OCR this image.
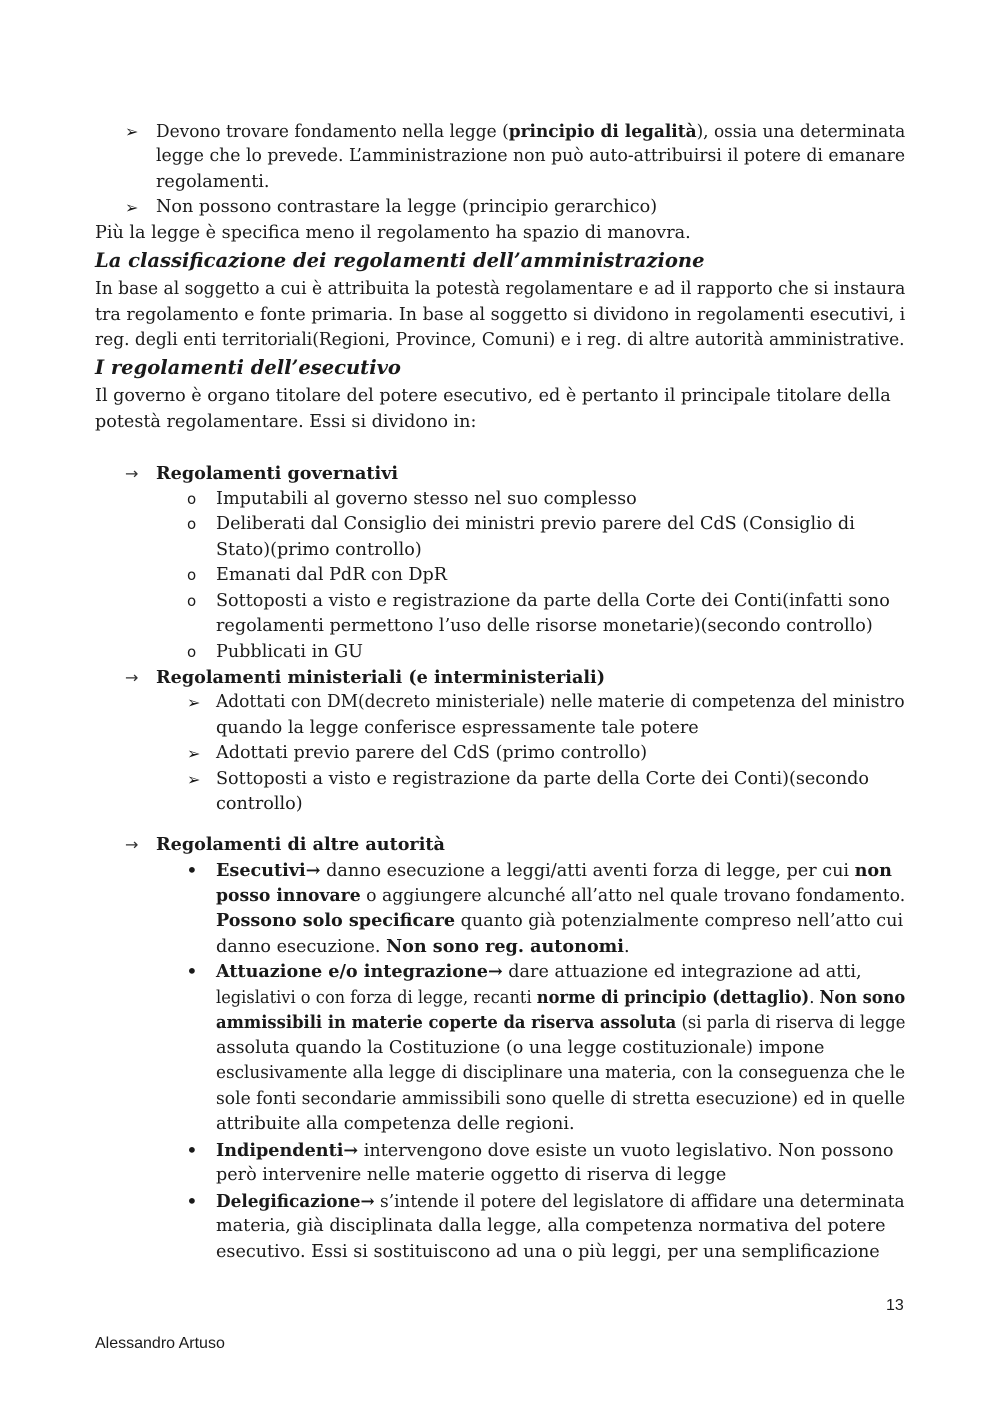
➢ Devono trovare fondamento nella legge (principio di legalità), ossia una determinata
legge che lo prevede. L’amministrazione non può auto-attribuirsi il potere di emanare
regolamenti.
➢ Non possono contrastare la legge (principio gerarchico)
Più la legge è specifica meno il regolamento ha spazio di manovra.
La classificazione dei regolamenti dell’amministrazione
In base al soggetto a cui è attribuita la potestà regolamentare e ad il rapporto che si instaura
tra regolamento e fonte primaria. In base al soggetto si dividono in regolamenti esecutivi, i
reg. degli enti territoriali(Regioni, Province, Comuni) e i reg. di altre autorità amministrative.
I regolamenti dell’esecutivo
Il governo è organo titolare del potere esecutivo, ed è pertanto il principale titolare della
potestà regolamentare. Essi si dividono in:
→ Regolamenti governativi
o Imputabili al governo stesso nel suo complesso
o Deliberati dal Consiglio dei ministri previo parere del CdS (Consiglio di
Stato)(primo controllo)
o Emanati dal PdR con DpR
o Sottoposti a visto e registrazione da parte della Corte dei Conti(infatti sono
regolamenti permettono l’uso delle risorse monetarie)(secondo controllo)
o Pubblicati in GU
→ Regolamenti ministeriali (e interministeriali)
➢ Adottati con DM(decreto ministeriale) nelle materie di competenza del ministro
quando la legge conferisce espressamente tale potere
➢ Adottati previo parere del CdS (primo controllo)
➢ Sottoposti a visto e registrazione da parte della Corte dei Conti)(secondo
controllo)
→ Regolamenti di altre autorità
• Esecutivi→ danno esecuzione a leggi/atti aventi forza di legge, per cui non
posso innovare o aggiungere alcunché all’atto nel quale trovano fondamento.
Possono solo specificare quanto già potenzialmente compreso nell’atto cui
danno esecuzione. Non sono reg. autonomi.
• Attuazione e/o integrazione→ dare attuazione ed integrazione ad atti,
legislativi o con forza di legge, recanti norme di principio (dettaglio). Non sono
ammissibili in materie coperte da riserva assoluta (si parla di riserva di legge
assoluta quando la Costituzione (o una legge costituzionale) impone
esclusivamente alla legge di disciplinare una materia, con la conseguenza che le
sole fonti secondarie ammissibili sono quelle di stretta esecuzione) ed in quelle
attribuite alla competenza delle regioni.
• Indipendenti→ intervengono dove esiste un vuoto legislativo. Non possono
però intervenire nelle materie oggetto di riserva di legge
• Delegificazione→ s’intende il potere del legislatore di affidare una determinata
materia, già disciplinata dalla legge, alla competenza normativa del potere
esecutivo. Essi si sostituiscono ad una o più leggi, per una semplificazione
13
Alessandro Artuso
